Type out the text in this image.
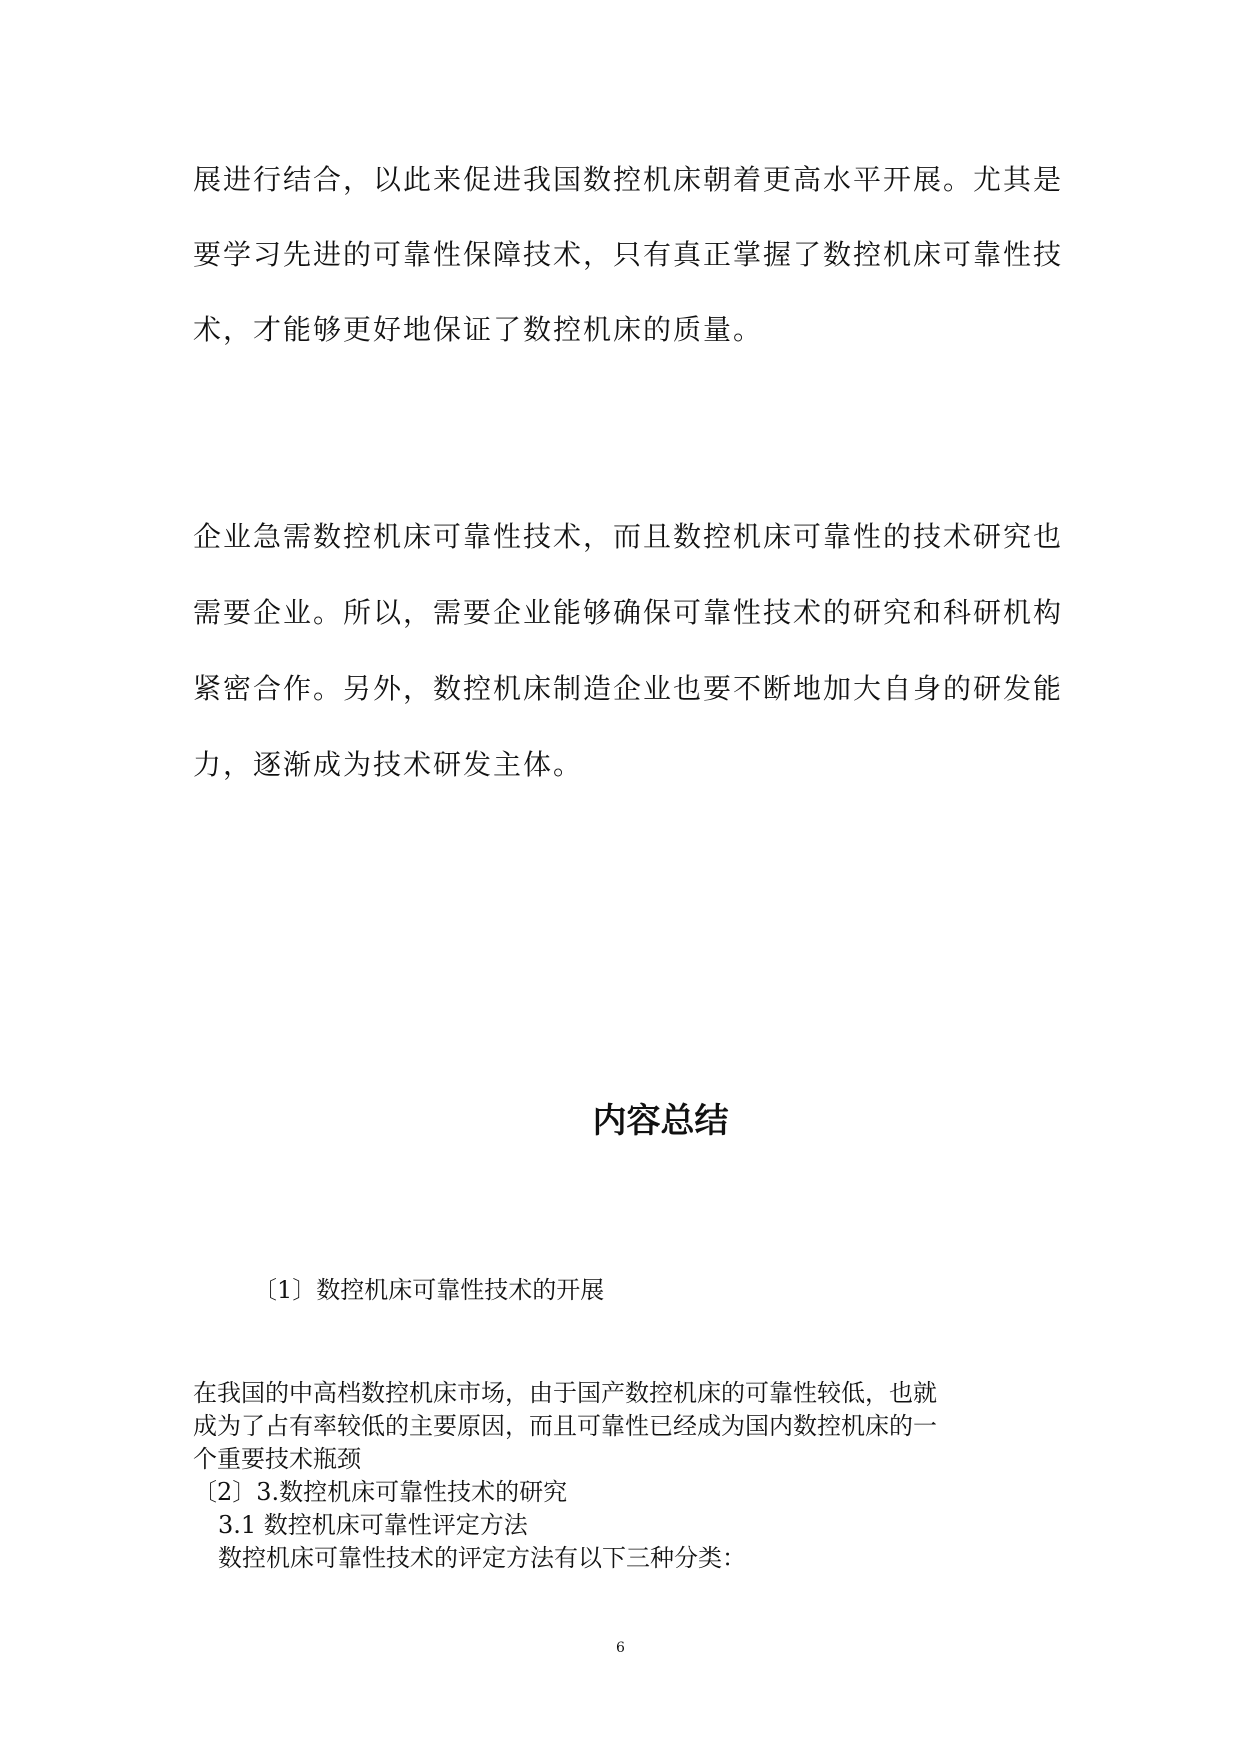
展进行结合，以此来促进我国数控机床朝着更高水平开展。尤其是

要学习先进的可靠性保障技术，只有真正掌握了数控机床可靠性技

术，才能够更好地保证了数控机床的质量。

企业急需数控机床可靠性技术，而且数控机床可靠性的技术研究也

需要企业。所以，需要企业能够确保可靠性技术的研究和科研机构

紧密合作。另外，数控机床制造企业也要不断地加大自身的研发能

力，逐渐成为技术研发主体。

内容总结

〔1〕数控机床可靠性技术的开展

在我国的中高档数控机床市场，由于国产数控机床的可靠性较低，也就

成为了占有率较低的主要原因，而且可靠性已经成为国内数控机床的一

个重要技术瓶颈

〔2〕3.数控机床可靠性技术的研究

3.1 数控机床可靠性评定方法

数控机床可靠性技术的评定方法有以下三种分类：

6
